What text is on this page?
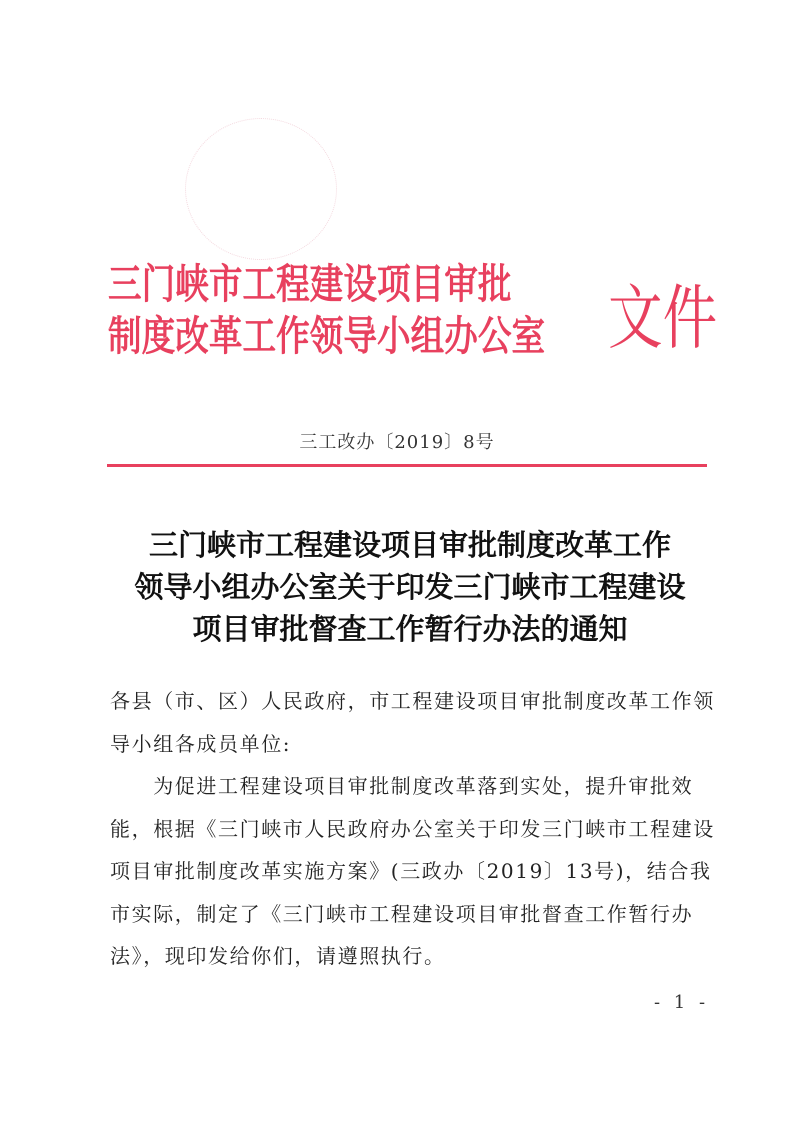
三门峡市工程建设项目审批
制度改革工作领导小组办公室 文件
三工改办〔2019〕8号
三门峡市工程建设项目审批制度改革工作
领导小组办公室关于印发三门峡市工程建设
项目审批督查工作暂行办法的通知
各县（市、区）人民政府，市工程建设项目审批制度改革工作领
导小组各成员单位:
　　为促进工程建设项目审批制度改革落到实处，提升审批效
能，根据《三门峡市人民政府办公室关于印发三门峡市工程建设
项目审批制度改革实施方案》(三政办〔2019〕13号)，结合我
市实际，制定了《三门峡市工程建设项目审批督查工作暂行办
法》，现印发给你们，请遵照执行。
- 1 -
